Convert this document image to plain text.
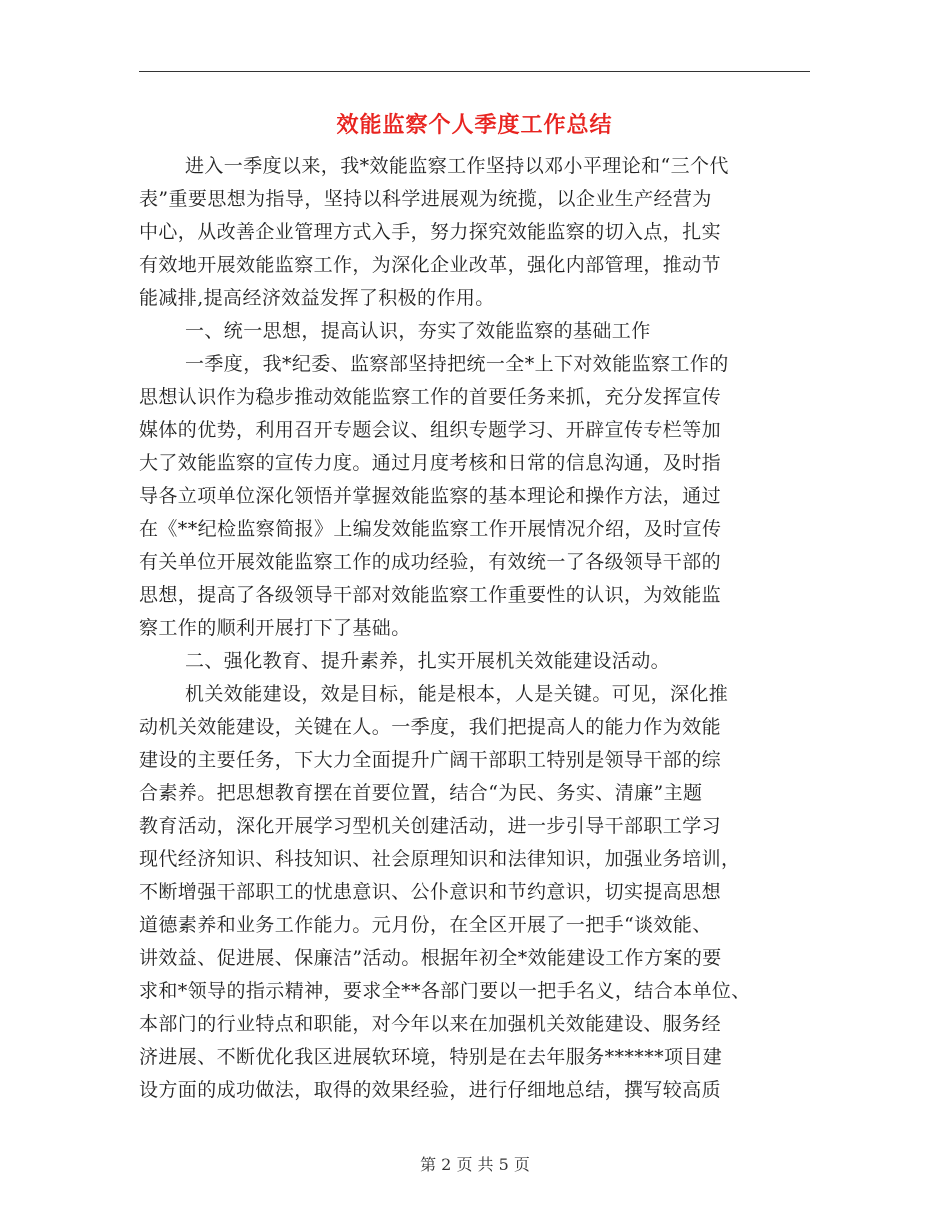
效能监察个人季度工作总结
进入一季度以来，我*效能监察工作坚持以邓小平理论和“三个代
表”重要思想为指导，坚持以科学进展观为统揽，以企业生产经营为
中心，从改善企业管理方式入手，努力探究效能监察的切入点，扎实
有效地开展效能监察工作，为深化企业改革，强化内部管理，推动节
能减排,提高经济效益发挥了积极的作用。
一、统一思想，提高认识，夯实了效能监察的基础工作
一季度，我*纪委、监察部坚持把统一全*上下对效能监察工作的
思想认识作为稳步推动效能监察工作的首要任务来抓，充分发挥宣传
媒体的优势，利用召开专题会议、组织专题学习、开辟宣传专栏等加
大了效能监察的宣传力度。通过月度考核和日常的信息沟通，及时指
导各立项单位深化领悟并掌握效能监察的基本理论和操作方法，通过
在《**纪检监察简报》上编发效能监察工作开展情况介绍，及时宣传
有关单位开展效能监察工作的成功经验，有效统一了各级领导干部的
思想，提高了各级领导干部对效能监察工作重要性的认识，为效能监
察工作的顺利开展打下了基础。
二、强化教育、提升素养，扎实开展机关效能建设活动。
机关效能建设，效是目标，能是根本，人是关键。可见，深化推
动机关效能建设，关键在人。一季度，我们把提高人的能力作为效能
建设的主要任务，下大力全面提升广阔干部职工特别是领导干部的综
合素养。把思想教育摆在首要位置，结合“为民、务实、清廉”主题
教育活动，深化开展学习型机关创建活动，进一步引导干部职工学习
现代经济知识、科技知识、社会原理知识和法律知识，加强业务培训，
不断增强干部职工的忧患意识、公仆意识和节约意识，切实提高思想
道德素养和业务工作能力。元月份，在全区开展了一把手“谈效能、
讲效益、促进展、保廉洁”活动。根据年初全*效能建设工作方案的要
求和*领导的指示精神，要求全**各部门要以一把手名义，结合本单位、
本部门的行业特点和职能，对今年以来在加强机关效能建设、服务经
济进展、不断优化我区进展软环境，特别是在去年服务******项目建
设方面的成功做法，取得的效果经验，进行仔细地总结，撰写较高质
第 2 页 共 5 页
